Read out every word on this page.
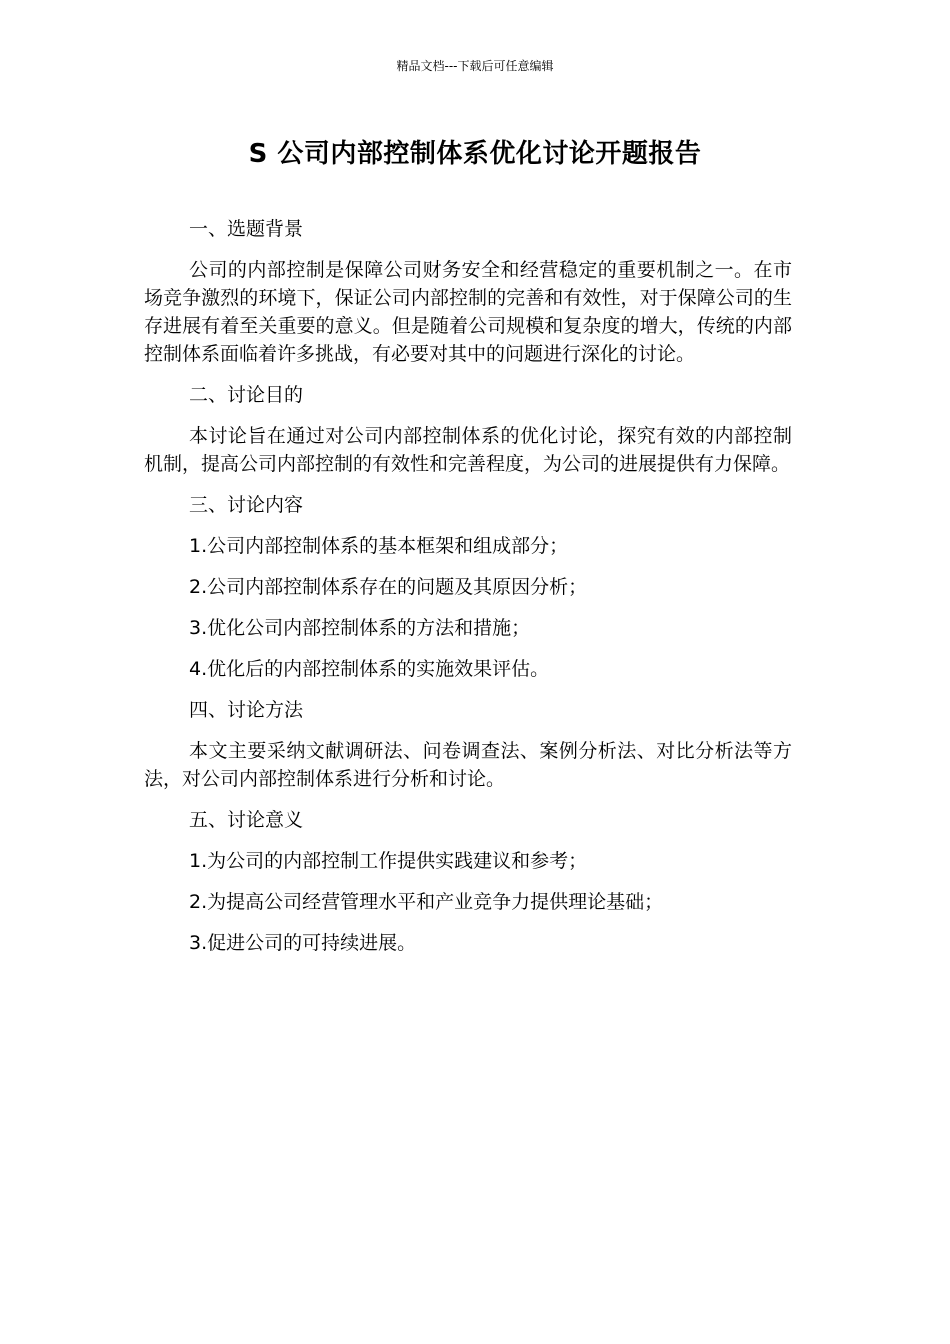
精品文档---下载后可任意编辑
S 公司内部控制体系优化讨论开题报告
一、选题背景

公司的内部控制是保障公司财务安全和经营稳定的重要机制之一。在市场竞争激烈的环境下，保证公司内部控制的完善和有效性，对于保障公司的生存进展有着至关重要的意义。但是随着公司规模和复杂度的增大，传统的内部控制体系面临着许多挑战，有必要对其中的问题进行深化的讨论。

二、讨论目的

本讨论旨在通过对公司内部控制体系的优化讨论，探究有效的内部控制机制，提高公司内部控制的有效性和完善程度，为公司的进展提供有力保障。

三、讨论内容
1.公司内部控制体系的基本框架和组成部分；
2.公司内部控制体系存在的问题及其原因分析；
3.优化公司内部控制体系的方法和措施；
4.优化后的内部控制体系的实施效果评估。
四、讨论方法

本文主要采纳文献调研法、问卷调查法、案例分析法、对比分析法等方法，对公司内部控制体系进行分析和讨论。

五、讨论意义
1.为公司的内部控制工作提供实践建议和参考；
2.为提高公司经营管理水平和产业竞争力提供理论基础；
3.促进公司的可持续进展。
